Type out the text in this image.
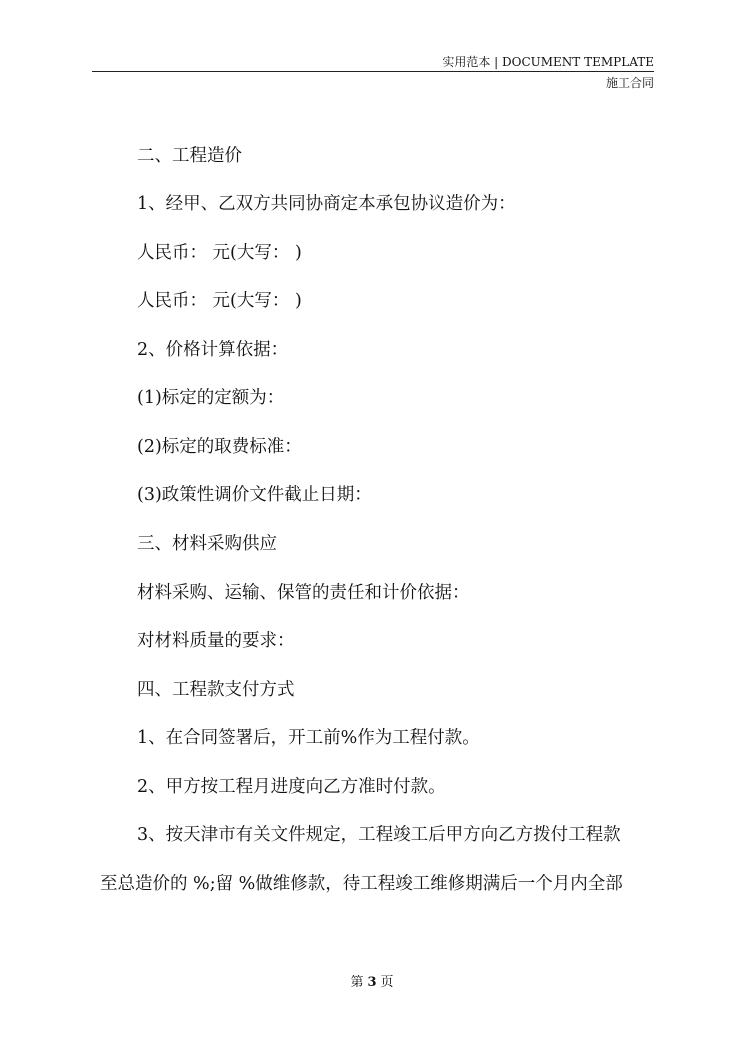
实用范本 | DOCUMENT TEMPLATE
施工合同
二、工程造价
1、经甲、乙双方共同协商定本承包协议造价为：
人民币： 元(大写： )
人民币： 元(大写： )
2、价格计算依据：
(1)标定的定额为：
(2)标定的取费标准：
(3)政策性调价文件截止日期：
三、材料采购供应
材料采购、运输、保管的责任和计价依据：
对材料质量的要求：
四、工程款支付方式
1、在合同签署后，开工前%作为工程付款。
2、甲方按工程月进度向乙方准时付款。
3、按天津市有关文件规定，工程竣工后甲方向乙方拨付工程款
至总造价的 %;留 %做维修款，待工程竣工维修期满后一个月内全部
第 3 页
